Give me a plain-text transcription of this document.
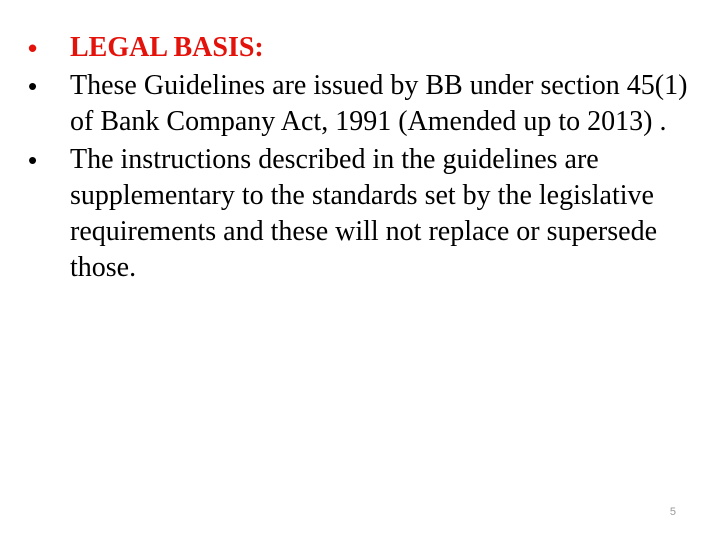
•	LEGAL BASIS:
•	These Guidelines are issued by BB under section 45(1) of Bank Company Act, 1991 (Amended up to 2013) .
•	The instructions described in the guidelines are supplementary to the standards set by the legislative requirements and these will not replace or supersede those.
5
